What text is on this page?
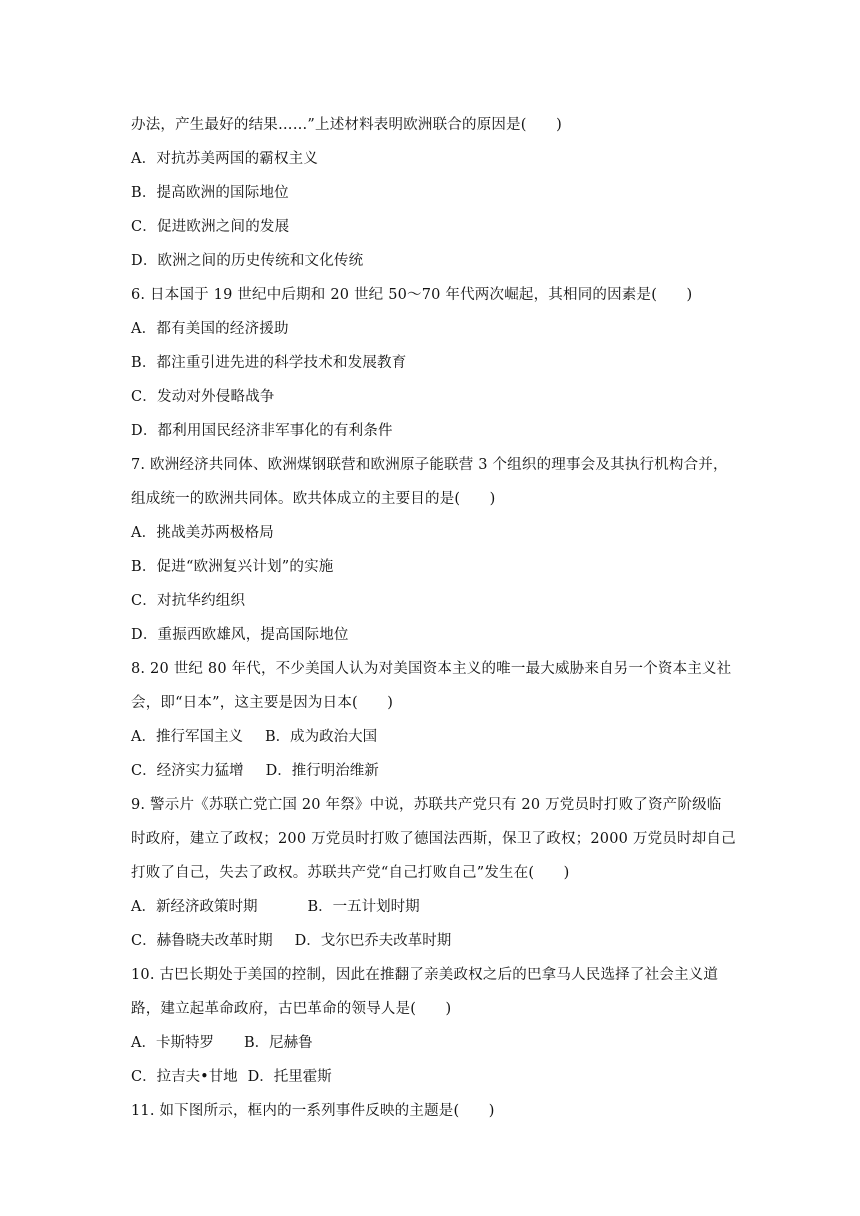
办法，产生最好的结果……”上述材料表明欧洲联合的原因是(　　)
A．对抗苏美两国的霸权主义
B．提高欧洲的国际地位
C．促进欧洲之间的发展
D．欧洲之间的历史传统和文化传统
6. 日本国于 19 世纪中后期和 20 世纪 50～70 年代两次崛起，其相同的因素是(　　)
A．都有美国的经济援助
B．都注重引进先进的科学技术和发展教育
C．发动对外侵略战争
D．都利用国民经济非军事化的有利条件
7. 欧洲经济共同体、欧洲煤钢联营和欧洲原子能联营 3 个组织的理事会及其执行机构合并，
组成统一的欧洲共同体。欧共体成立的主要目的是(　　)
A．挑战美苏两极格局
B．促进“欧洲复兴计划”的实施
C．对抗华约组织
D．重振西欧雄风，提高国际地位
8. 20 世纪 80 年代，不少美国人认为对美国资本主义的唯一最大威胁来自另一个资本主义社
会，即“日本”，这主要是因为日本(　　)
A．推行军国主义 B．成为政治大国
C．经济实力猛增 D．推行明治维新
9. 警示片《苏联亡党亡国 20 年祭》中说，苏联共产党只有 20 万党员时打败了资产阶级临
时政府，建立了政权；200 万党员时打败了德国法西斯，保卫了政权；2000 万党员时却自己
打败了自己，失去了政权。苏联共产党“自己打败自己”发生在(　　)
A．新经济政策时期	B．一五计划时期
C．赫鲁晓夫改革时期 D．戈尔巴乔夫改革时期
10. 古巴长期处于美国的控制，因此在推翻了亲美政权之后的巴拿马人民选择了社会主义道
路，建立起革命政府，古巴革命的领导人是(　　)
A．卡斯特罗 B．尼赫鲁
C．拉吉夫•甘地 D．托里霍斯
11. 如下图所示，框内的一系列事件反映的主题是(　　)
